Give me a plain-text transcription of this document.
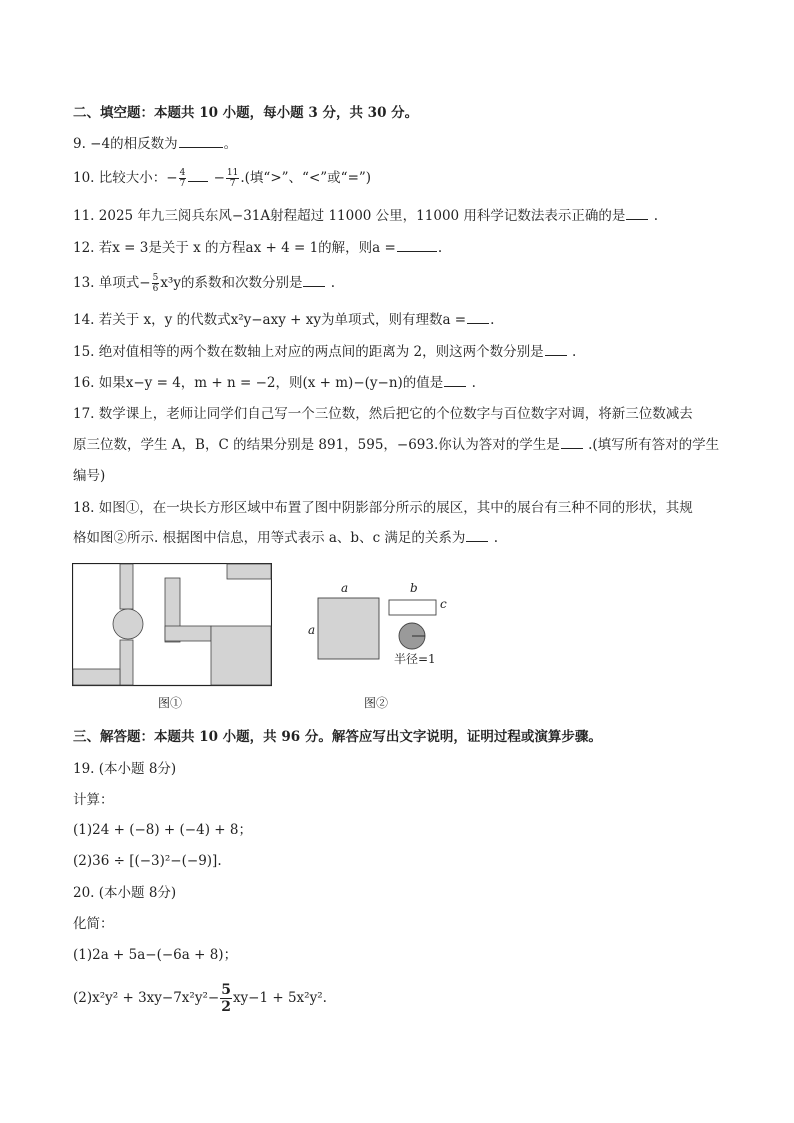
二、填空题：本题共 10 小题，每小题 3 分，共 30 分。
9. −4的相反数为	。
10. 比较大小：− $\frac{4}{7} - \frac{11}{7}$ .(填“>”、“<”或“=”)
11. 2025 年九三阅兵东风−31A射程超过 11000 公里，11000 用科学记数法表示正确的是 .
12. 若x = 3是关于 x 的方程ax + 4 = 1的解，则a =	.
13. 单项式− $\frac{5}{6} x^3y$的系数和次数分别是 .
14. 若关于 x，y 的代数式x²y−axy + xy为单项式，则有理数a = .
15. 绝对值相等的两个数在数轴上对应的两点间的距离为 2，则这两个数分别是 .
16. 如果x−y = 4，m + n = −2，则(x + m)−(y−n)的值是 .
17. 数学课上，老师让同学们自己写一个三位数，然后把它的个位数字与百位数字对调，将新三位数减去
原三位数，学生 A，B，C 的结果分别是 891，595，−693.你认为答对的学生是 .(填写所有答对的学生
编号)
18. 如图①，在一块长方形区域中布置了图中阴影部分所示的展区，其中的展台有三种不同的形状，其规
格如图②所示. 根据图中信息，用等式表示 a、b、c 满足的关系为 .
图①
a
a
b
c
半径=1
图②
三、解答题：本题共 10 小题，共 96 分。解答应写出文字说明，证明过程或演算步骤。
19. (本小题 8分)
计算：
(1)24 + (−8) + (−4) + 8；
(2)36 ÷ [(−3)²−(−9)].
20. (本小题 8分)
化简：
(1)2a + 5a−(−6a + 8)；
$(2)x^2y^2 + 3xy-7x^2y^2- \frac{5}{2} xy-1 + 5x^2y^2$.
